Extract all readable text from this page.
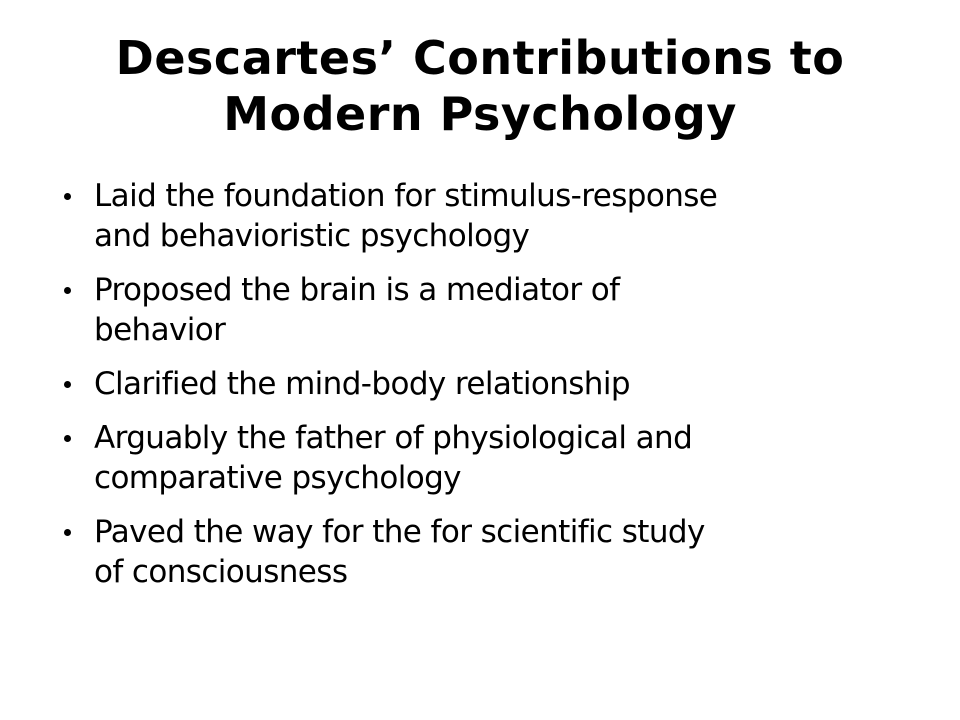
Descartes’ Contributions to
Modern Psychology
Laid the foundation for stimulus-response
and behavioristic psychology
Proposed the brain is a mediator of
behavior
Clarified the mind-body relationship
Arguably the father of physiological and
comparative psychology
Paved the way for the for scientific study
of consciousness
